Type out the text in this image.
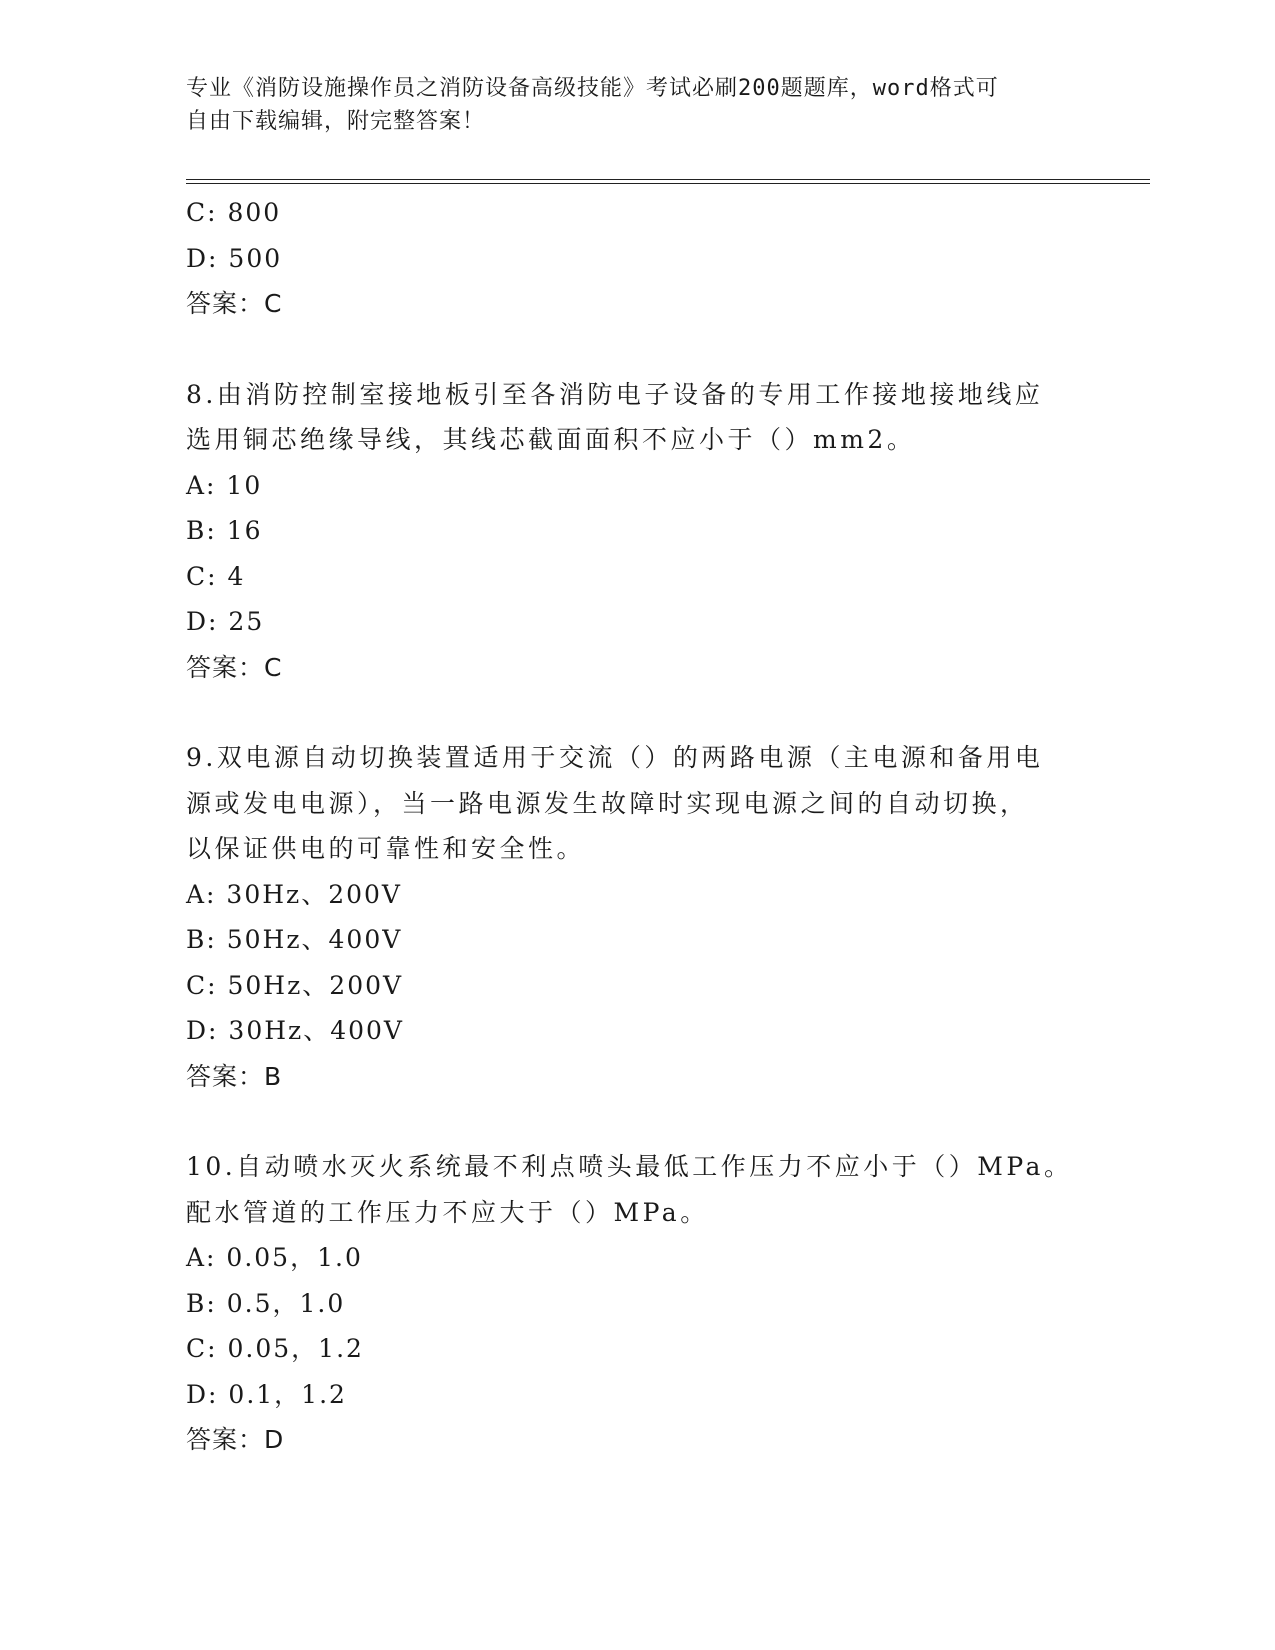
专业《消防设施操作员之消防设备高级技能》考试必刷200题题库，word格式可
自由下载编辑，附完整答案！
C: 800
D: 500
答案：C
8.由消防控制室接地板引至各消防电子设备的专用工作接地接地线应
选用铜芯绝缘导线，其线芯截面面积不应小于（）mm2。
A: 10
B: 16
C: 4
D: 25
答案：C
9.双电源自动切换装置适用于交流（）的两路电源（主电源和备用电
源或发电电源），当一路电源发生故障时实现电源之间的自动切换，
以保证供电的可靠性和安全性。
A: 30Hz、200V
B: 50Hz、400V
C: 50Hz、200V
D: 30Hz、400V
答案：B
10.自动喷水灭火系统最不利点喷头最低工作压力不应小于（）MPa。
配水管道的工作压力不应大于（）MPa。
A: 0.05，1.0
B: 0.5，1.0
C: 0.05，1.2
D: 0.1，1.2
答案：D
